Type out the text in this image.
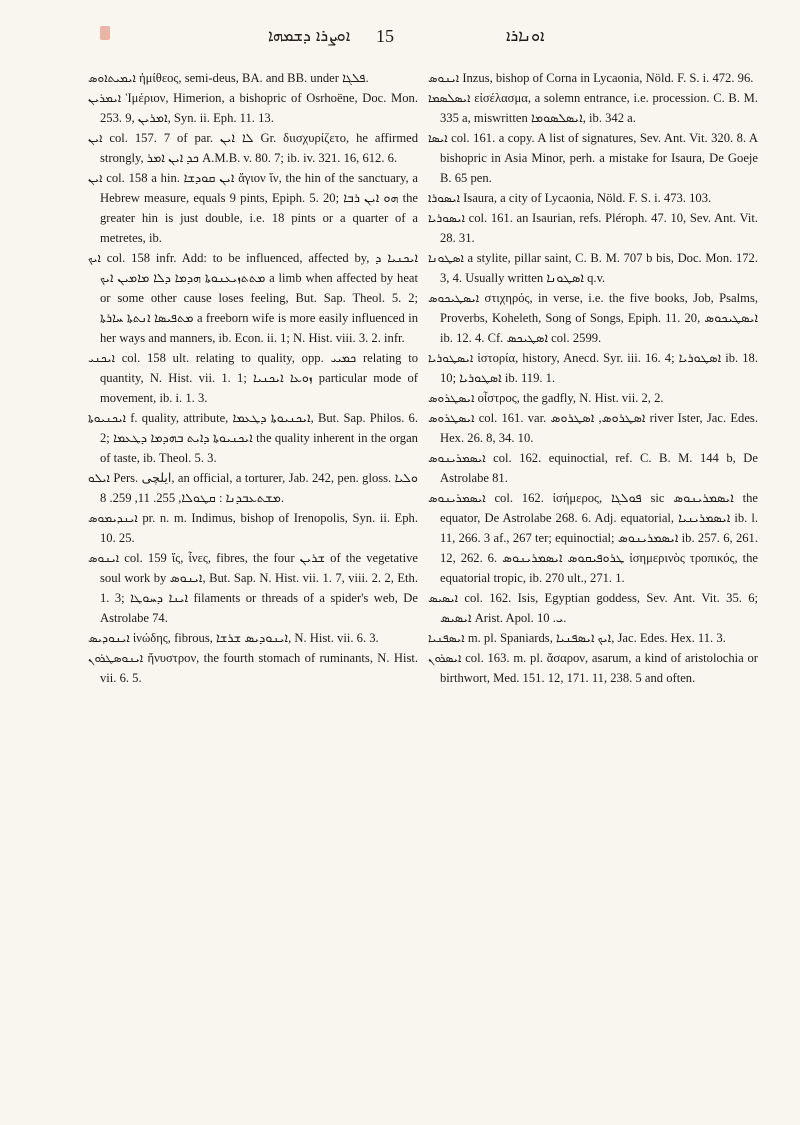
ܐܘܨܪܐ ܕܫܡܗܐ 15	ܐܘܢܐܪܐ

ܐܝܡܝܬܐܘܣ ἡμίθεος, semi-deus, BA. and BB. under ܦܠܓܐ.

ܐܝܡܪܝܢ Ἱμέριον, Himerion, a bishopric of Osrhoëne, Doc. Mon. 253. 9, ܐܡܪܝܢ, Syn. ii. Eph. 11. 13.

ܐܝܢ col. 157. 7 of par. ܠܐ ܐܝܢ Gr. διισχυρίζετο, he affirmed strongly, ܟܕ ܐܝܢ ܐܡܪ A.M.B. v. 80. 7; ib. iv. 321. 16, 612. 6.

ܐܝܢ col. 158 a hin. ܐܝܢ ܩܘܕܫܐ ἅγιον ἵν, the hin of the sanctuary, a Hebrew measure, equals 9 pints, Epiph. 5. 20; ܗܘ ܐܝܢ ܪܒܐ the greater hin is just double, i.e. 18 pints or a quarter of a metretes, ib.

ܐܝܟ col. 158 infr. Add: to be influenced, affected by, ܐܝܟܢܝܐ ܕ ܡܬܬܙܝܥܢܘܬܐ ܗܕܡܐ ܕܠܐ ܡܐܡܝܢ ܐܝܟ a limb when affected by heat or some other cause loses feeling, But. Sap. Theol. 5. 2; ܡܬܦܝܣܐ ܐܢܬܬܐ ܚܐܪܬܐ a freeborn wife is more easily influenced in her ways and manners, ib. Econ. ii. 1; N. Hist. viii. 3. 2. infr.

ܐܝܟܢܝ col. 158 ult. relating to quality, opp. ܟܡܝܝ relating to quantity, N. Hist. vii. 1. 1; ܙܘܥܐ ܐܝܟܢܝܐ particular mode of movement, ib. i. 1. 3.

ܐܝܟܢܝܘܬܐ f. quality, attribute, ܐܝܟܢܝܘܬܐ ܕܛܥܡܐ, But. Sap. Philos. 6. 2; ܐܝܟܢܝܘܬܐ ܕܐܝܬ ܒܗܕܡܐ ܕܛܥܡܐ the quality inherent in the organ of taste, ib. Theol. 5. 3.

ܐܝܠܘ Pers. ايلچى, an official, a torturer, Jab. 242, pen. gloss. ܘܠܝܐ ܡܫܬܥܒܕܢܐ : ܩܛܘܠܐ, 255. 11, 259. 8.

ܐܝܢܕܝܡܘܣ pr. n. m. Indimus, bishop of Irenopolis, Syn. ii. Eph. 10. 25.

ܐܝܢܘܣ col. 159 ἴς, ἶνες, fibres, the four ܫܪܝܢ of the vegetative soul work by ܐܝܢܘܣ, But. Sap. N. Hist. vii. 1. 7, viii. 2. 2, Eth. 1. 3; ܐܝܢܐ ܕܚܘܛܐ filaments or threads of a spider's web, De Astrolabe 74.

ܐܝܢܘܕܝܣ ἰνώδης, fibrous, ܐܝܢܘܕܝܣ ܫܪܫܐ, N. Hist. vii. 6. 3.

ܐܝܢܘܣܛܪܘܢ ἤνυστρον, the fourth stomach of ruminants, N. Hist. vii. 6. 5.

ܐܝܢܘܣ Inzus, bishop of Corna in Lycaonia, Nöld. F. S. i. 472. 96.

ܐܝܣܠܣܡܐ εἰσέλασμα, a solemn entrance, i.e. procession. C. B. M. 335 a, miswritten ܐܝܣܠܣܘܡܐ, ib. 342 a.

ܐܝܣܐ col. 161. a copy. A list of signatures, Sev. Ant. Vit. 320. 8. A bishopric in Asia Minor, perh. a mistake for Isaura, De Goeje B. 65 pen.

ܐܝܣܘܪܐ Isaura, a city of Lycaonia, Nöld. F. S. i. 473. 103.

ܐܝܣܘܪܝܐ col. 161. an Isaurian, refs. Pléroph. 47. 10, Sev. Ant. Vit. 28. 31.

ܐܣܛܘܢܐ a stylite, pillar saint, C. B. M. 707 b bis, Doc. Mon. 172. 3, 4. Usually written ܐܣܛܘܢܐ q.v.

ܐܝܣܛܝܟܘܣ στιχηρός, in verse, i.e. the five books, Job, Psalms, Proverbs, Koheleth, Song of Songs, Epiph. 11. 20, ܐܝܣܛܝܟܘܣ ib. 12. 4. Cf. ܐܣܛܝܟܣ col. 2599.

ܐܝܣܛܘܪܝܐ ἱστορία, history, Anecd. Syr. iii. 16. 4; ܐܣܛܘܪܝܐ ib. 18. 10; ܐܣܛܘܪܝܐ ib. 119. 1.

ܐܝܣܛܪܘܣ οἶστρος, the gadfly, N. Hist. vii. 2, 2.

ܐܝܣܛܪܘܣ col. 161. var. ܐܣܛܪܘܣ, ܐܣܛܪܘܣ river Ister, Jac. Edes. Hex. 26. 8, 34. 10.

ܐܝܣܡܪܝܢܘܣ col. 162. equinoctial, ref. C. B. M. 144 b, De Astrolabe 81.

ܐܝܣܡܪܝܢܘܣ col. 162. ἰσήμερος, ܦܘܠܓܐ sic ܐܝܣܡܪܝܢܘܣ the equator, De Astrolabe 268. 6. Adj. equatorial, ܐܝܣܡܪܝܢܝܐ ib. l. 11, 266. 3 af., 267 ter; equinoctial; ܐܝܣܡܪܝܢܘܣ ib. 257. 6, 261. 12, 262. 6. ܛܪܘܦܝܩܘܣ ܐܝܣܡܪܝܢܘܣ ἰσημερινὸς τροπικός, the equatorial tropic, ib. 270 ult., 271. 1.

ܐܝܣܝܣ col. 162. Isis, Egyptian goddess, Sev. Ant. Vit. 35. 6; ܐܝܣܝܣ Arist. Apol. ܝ. 10.

ܐܝܣܦܢܝܐ m. pl. Spaniards, ܐܝܟ ܐܝܣܦܢܝܐ, Jac. Edes. Hex. 11. 3.

ܐܝܣܪܘܢ col. 163. m. pl. ἄσαρον, asarum, a kind of aristolochia or birthwort, Med. 151. 12, 171. 11, 238. 5 and often.
